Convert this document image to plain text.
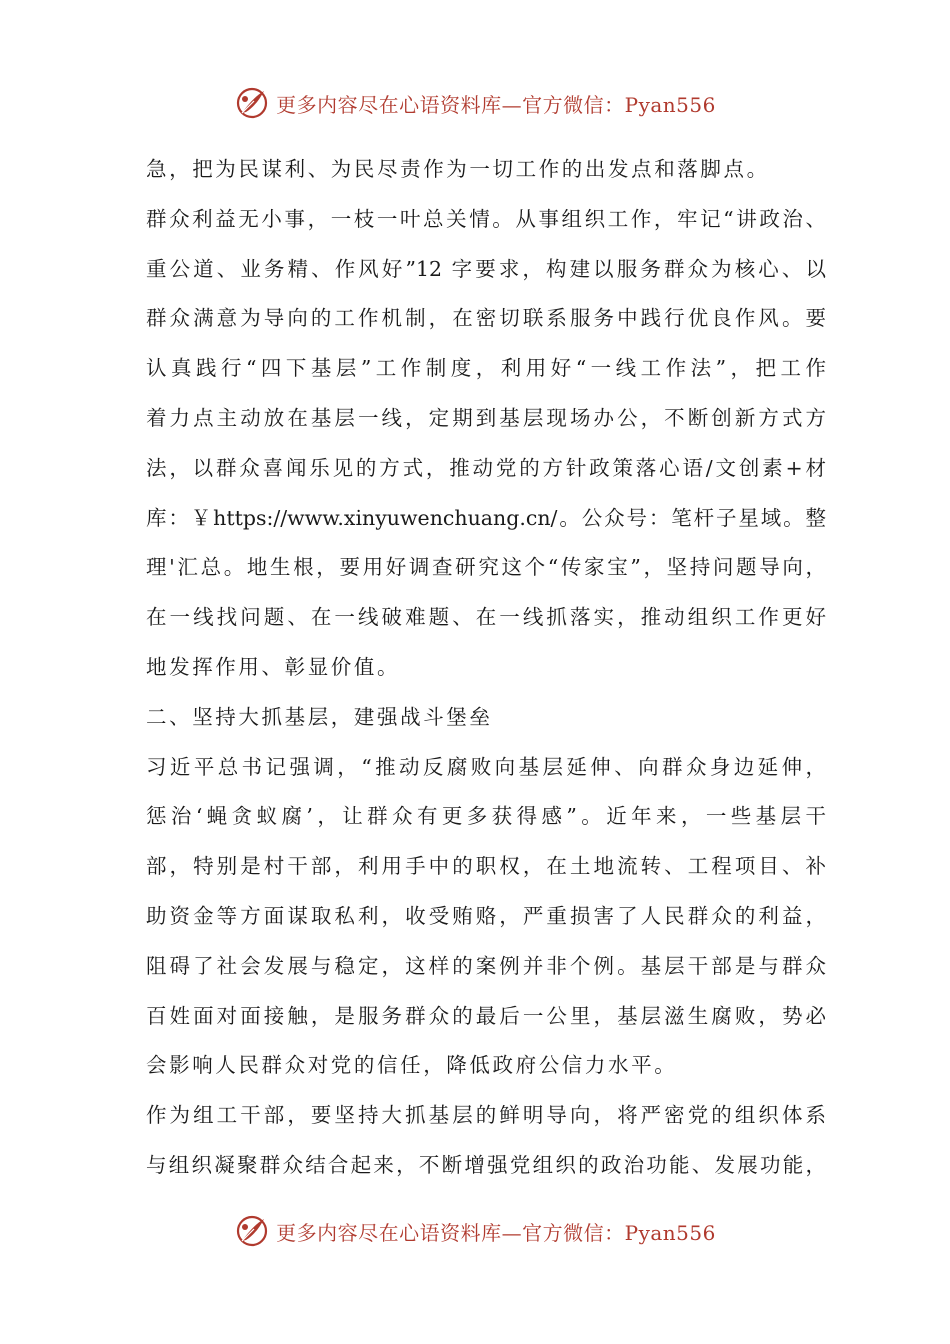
更多内容尽在心语资料库—官方微信：Pyan556
急，把为民谋利、为民尽责作为一切工作的出发点和落脚点。
群众利益无小事，一枝一叶总关情。从事组织工作，牢记“讲政治、
重公道、业务精、作风好”12 字要求，构建以服务群众为核心、以
群众满意为导向的工作机制，在密切联系服务中践行优良作风。要
认真践行“四下基层”工作制度，利用好“一线工作法”，把工作
着力点主动放在基层一线，定期到基层现场办公，不断创新方式方
法，以群众喜闻乐见的方式，推动党的方针政策落心语/文创素+材
库：￥https://www.xinyuwenchuang.cn/。公众号：笔杆子星域。整
理'汇总。地生根，要用好调查研究这个“传家宝”，坚持问题导向，
在一线找问题、在一线破难题、在一线抓落实，推动组织工作更好
地发挥作用、彰显价值。
二、坚持大抓基层，建强战斗堡垒
习近平总书记强调，“推动反腐败向基层延伸、向群众身边延伸，
惩治‘蝇贪蚁腐’，让群众有更多获得感”。近年来，一些基层干
部，特别是村干部，利用手中的职权，在土地流转、工程项目、补
助资金等方面谋取私利，收受贿赂，严重损害了人民群众的利益，
阻碍了社会发展与稳定，这样的案例并非个例。基层干部是与群众
百姓面对面接触，是服务群众的最后一公里，基层滋生腐败，势必
会影响人民群众对党的信任，降低政府公信力水平。
作为组工干部，要坚持大抓基层的鲜明导向，将严密党的组织体系
与组织凝聚群众结合起来，不断增强党组织的政治功能、发展功能，
更多内容尽在心语资料库—官方微信：Pyan556
